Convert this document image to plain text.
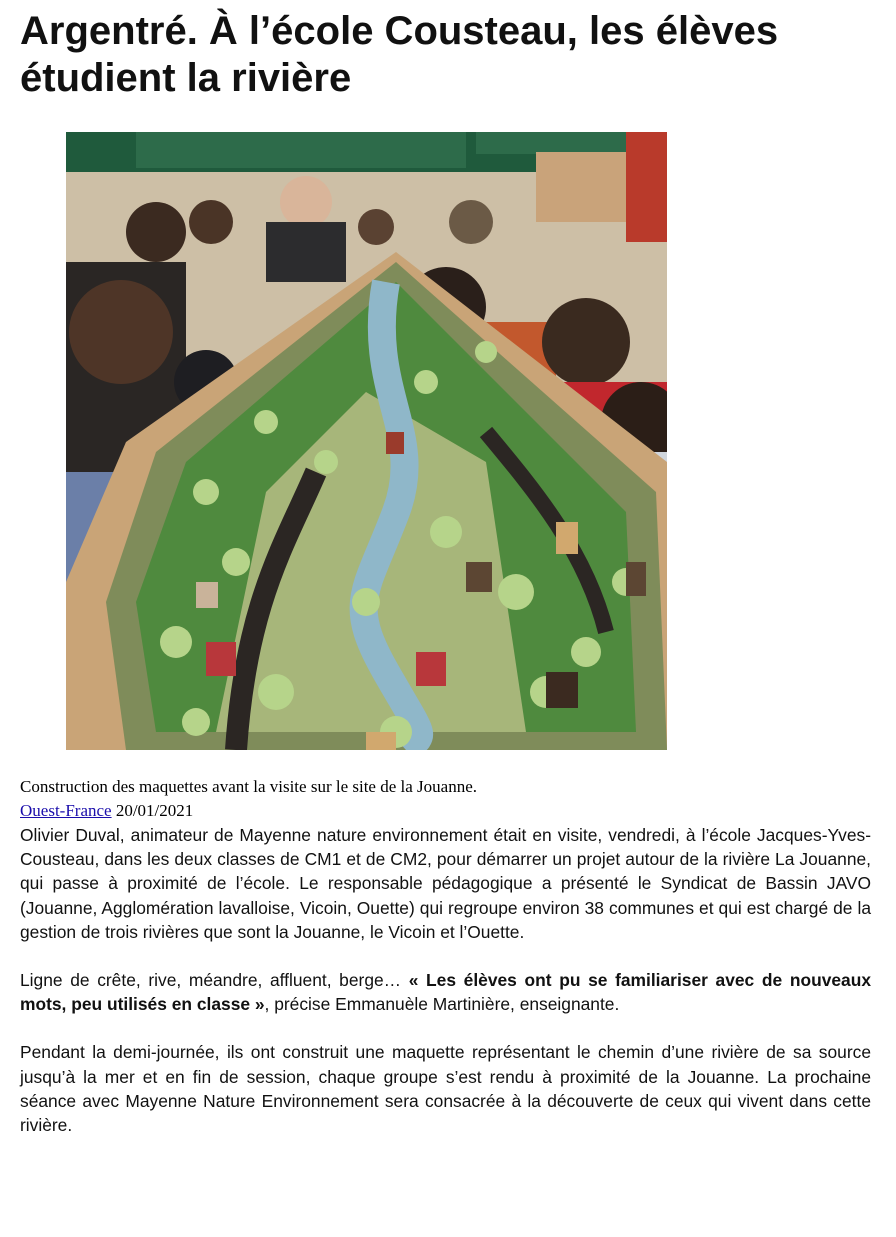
Argentré. À l’école Cousteau, les élèves étudient la rivière
Construction des maquettes avant la visite sur le site de la Jouanne.
Ouest-France 20/01/2021

Olivier Duval, animateur de Mayenne nature environnement était en visite, vendredi, à l’école Jacques-Yves-Cousteau, dans les deux classes de CM1 et de CM2, pour démarrer un projet autour de la rivière La Jouanne, qui passe à proximité de l’école. Le responsable pédagogique a présenté le Syndicat de Bassin JAVO (Jouanne, Agglomération lavalloise, Vicoin, Ouette) qui regroupe environ 38 communes et qui est chargé de la gestion de trois rivières que sont la Jouanne, le Vicoin et l’Ouette.

Ligne de crête, rive, méandre, affluent, berge… « Les élèves ont pu se familiariser avec de nouveaux mots, peu utilisés en classe », précise Emmanuèle Martinière, enseignante.

Pendant la demi-journée, ils ont construit une maquette représentant le chemin d’une rivière de sa source jusqu’à la mer et en fin de session, chaque groupe s’est rendu à proximité de la Jouanne. La prochaine séance avec Mayenne Nature Environnement sera consacrée à la découverte de ceux qui vivent dans cette rivière.
